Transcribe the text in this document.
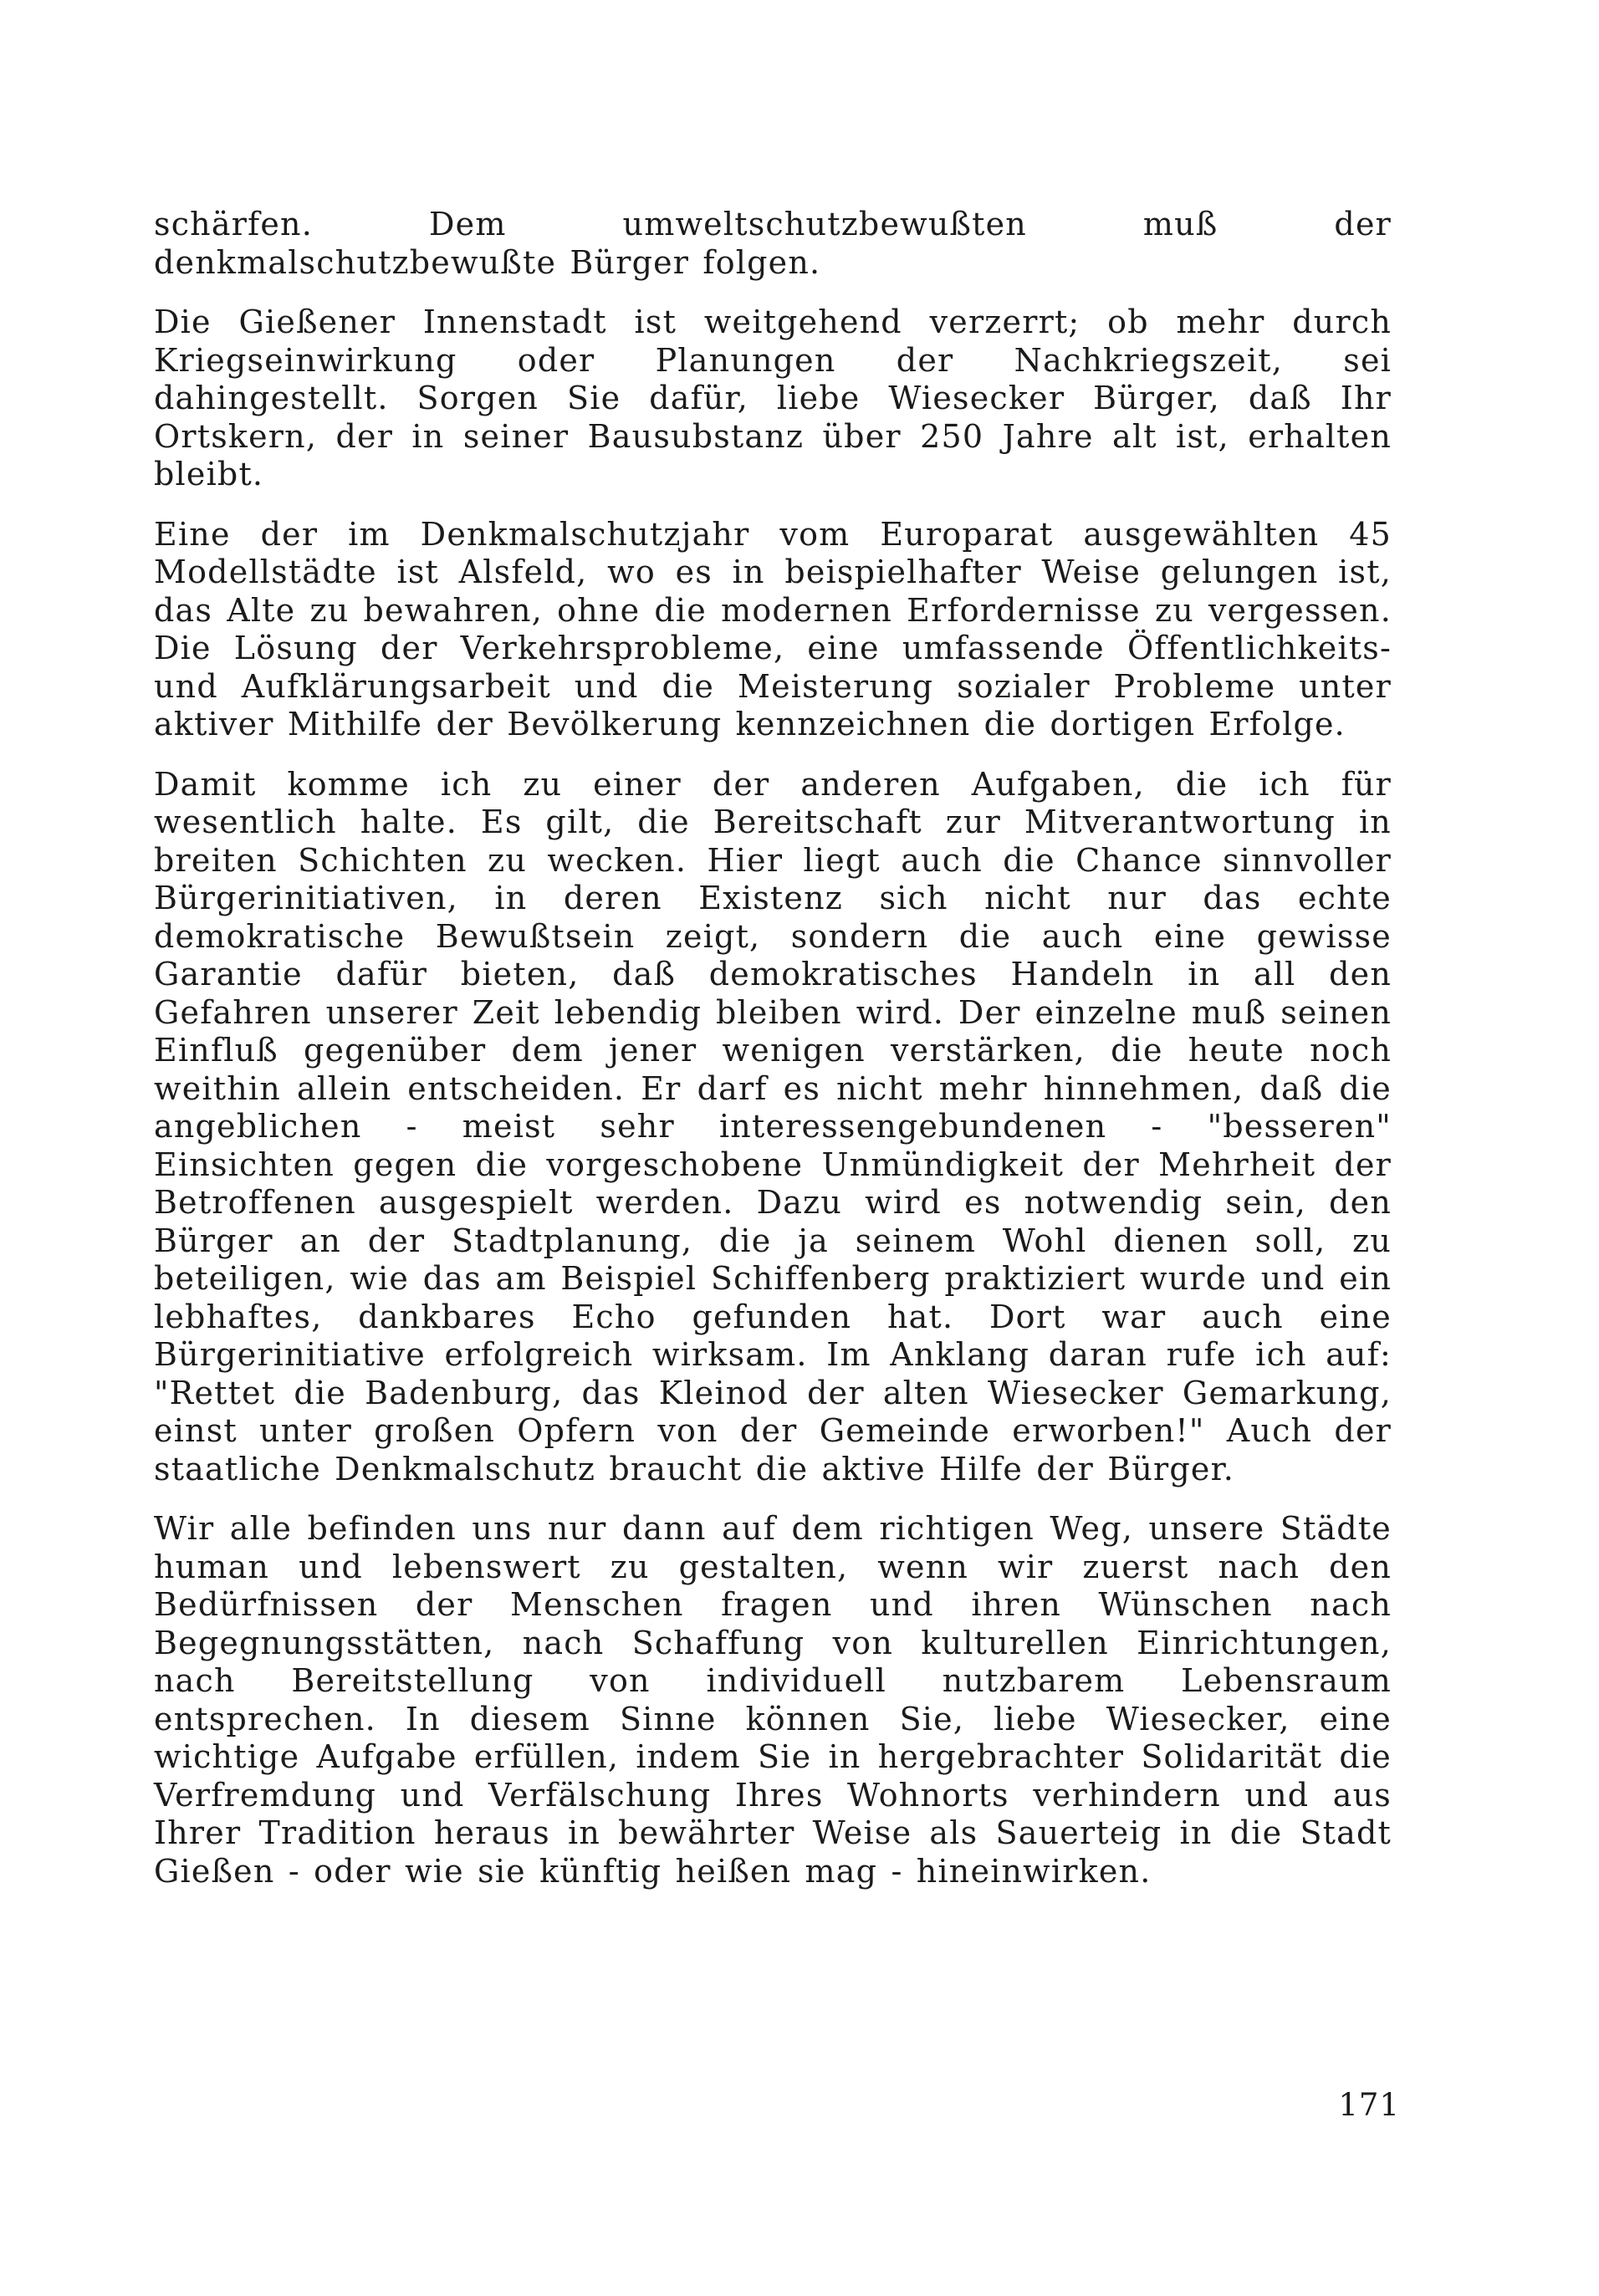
schärfen. Dem umweltschutzbewußten muß der denkmalschutzbewußte Bürger folgen.

Die Gießener Innenstadt ist weitgehend verzerrt; ob mehr durch Kriegseinwirkung oder Planungen der Nachkriegszeit, sei dahingestellt. Sorgen Sie dafür, liebe Wiesecker Bürger, daß Ihr Ortskern, der in seiner Bausubstanz über 250 Jahre alt ist, erhalten bleibt.

Eine der im Denkmalschutzjahr vom Europarat ausgewählten 45 Modellstädte ist Alsfeld, wo es in beispielhafter Weise gelungen ist, das Alte zu bewahren, ohne die modernen Erfordernisse zu vergessen. Die Lösung der Verkehrsprobleme, eine umfassende Öffentlichkeits- und Aufklärungsarbeit und die Meisterung sozialer Probleme unter aktiver Mithilfe der Bevölkerung kennzeichnen die dortigen Erfolge.

Damit komme ich zu einer der anderen Aufgaben, die ich für wesentlich halte. Es gilt, die Bereitschaft zur Mitverantwortung in breiten Schichten zu wecken. Hier liegt auch die Chance sinnvoller Bürgerinitiativen, in deren Existenz sich nicht nur das echte demokratische Bewußtsein zeigt, sondern die auch eine gewisse Garantie dafür bieten, daß demokratisches Handeln in all den Gefahren unserer Zeit lebendig bleiben wird. Der einzelne muß seinen Einfluß gegenüber dem jener wenigen verstärken, die heute noch weithin allein entscheiden. Er darf es nicht mehr hinnehmen, daß die angeblichen - meist sehr interessengebundenen - "besseren" Einsichten gegen die vorgeschobene Unmündigkeit der Mehrheit der Betroffenen ausgespielt werden. Dazu wird es notwendig sein, den Bürger an der Stadtplanung, die ja seinem Wohl dienen soll, zu beteiligen, wie das am Beispiel Schiffenberg praktiziert wurde und ein lebhaftes, dankbares Echo gefunden hat. Dort war auch eine Bürgerinitiative erfolgreich wirksam. Im Anklang daran rufe ich auf: "Rettet die Badenburg, das Kleinod der alten Wiesecker Gemarkung, einst unter großen Opfern von der Gemeinde erworben!" Auch der staatliche Denkmalschutz braucht die aktive Hilfe der Bürger.

Wir alle befinden uns nur dann auf dem richtigen Weg, unsere Städte human und lebenswert zu gestalten, wenn wir zuerst nach den Bedürfnissen der Menschen fragen und ihren Wünschen nach Begegnungsstätten, nach Schaffung von kulturellen Einrichtungen, nach Bereitstellung von individuell nutzbarem Lebensraum entsprechen. In diesem Sinne können Sie, liebe Wiesecker, eine wichtige Aufgabe erfüllen, indem Sie in hergebrachter Solidarität die Verfremdung und Verfälschung Ihres Wohnorts verhindern und aus Ihrer Tradition heraus in bewährter Weise als Sauerteig in die Stadt Gießen - oder wie sie künftig heißen mag - hineinwirken.

171
